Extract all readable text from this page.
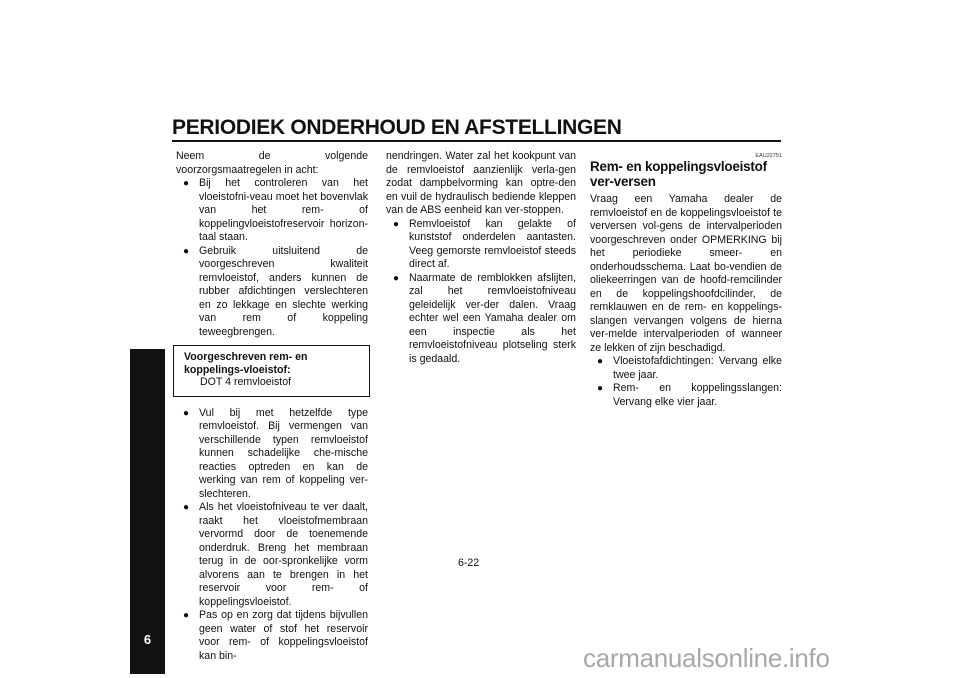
PERIODIEK ONDERHOUD EN AFSTELLINGEN
6

Neem de volgende voorzorgsmaatregelen in acht:

● Bij het controleren van het vloeistofni-veau moet het bovenvlak van het rem- of koppelingvloeistofreservoir horizon-taal staan.
● Gebruik uitsluitend de voorgeschreven kwaliteit remvloeistof, anders kunnen de rubber afdichtingen verslechteren en zo lekkage en slechte werking van rem of koppeling teweegbrengen.
Voorgeschreven rem- en koppelings-vloeistof:
DOT 4 remvloeistof
● Vul bij met hetzelfde type remvloeistof. Bij vermengen van verschillende typen remvloeistof kunnen schadelijke che-mische reacties optreden en kan de werking van rem of koppeling ver-slechteren.
● Als het vloeistofniveau te ver daalt, raakt het vloeistofmembraan vervormd door de toenemende onderdruk. Breng het membraan terug in de oor-spronkelijke vorm alvorens aan te brengen in het reservoir voor rem- of koppelingsvloeistof.
● Pas op en zorg dat tijdens bijvullen geen water of stof het reservoir voor rem- of koppelingsvloeistof kan bin-

nendringen. Water zal het kookpunt van de remvloeistof aanzienlijk verla-gen zodat dampbelvorming kan optre-den en vuil de hydraulisch bediende kleppen van de ABS eenheid kan ver-stoppen.

● Remvloeistof kan gelakte of kunststof onderdelen aantasten. Veeg gemorste remvloeistof steeds direct af.
● Naarmate de remblokken afslijten, zal het remvloeistofniveau geleidelijk ver-der dalen. Vraag echter wel een Yamaha dealer om een inspectie als het remvloeistofniveau plotseling sterk is gedaald.
EAU22751
Rem- en koppelingsvloeistof ver-versen

Vraag een Yamaha dealer de remvloeistof en de koppelingsvloeistof te verversen vol-gens de intervalperioden voorgeschreven onder OPMERKING bij het periodieke smeer- en onderhoudsschema. Laat bo-vendien de oliekeerringen van de hoofd-remcilinder en de koppelingshoofdcilinder, de remklauwen en de rem- en koppelings-slangen vervangen volgens de hierna ver-melde intervalperioden of wanneer ze lekken of zijn beschadigd.

● Vloeistofafdichtingen: Vervang elke twee jaar.
● Rem- en koppelingsslangen: Vervang elke vier jaar.
6-22
carmanualsonline.info
